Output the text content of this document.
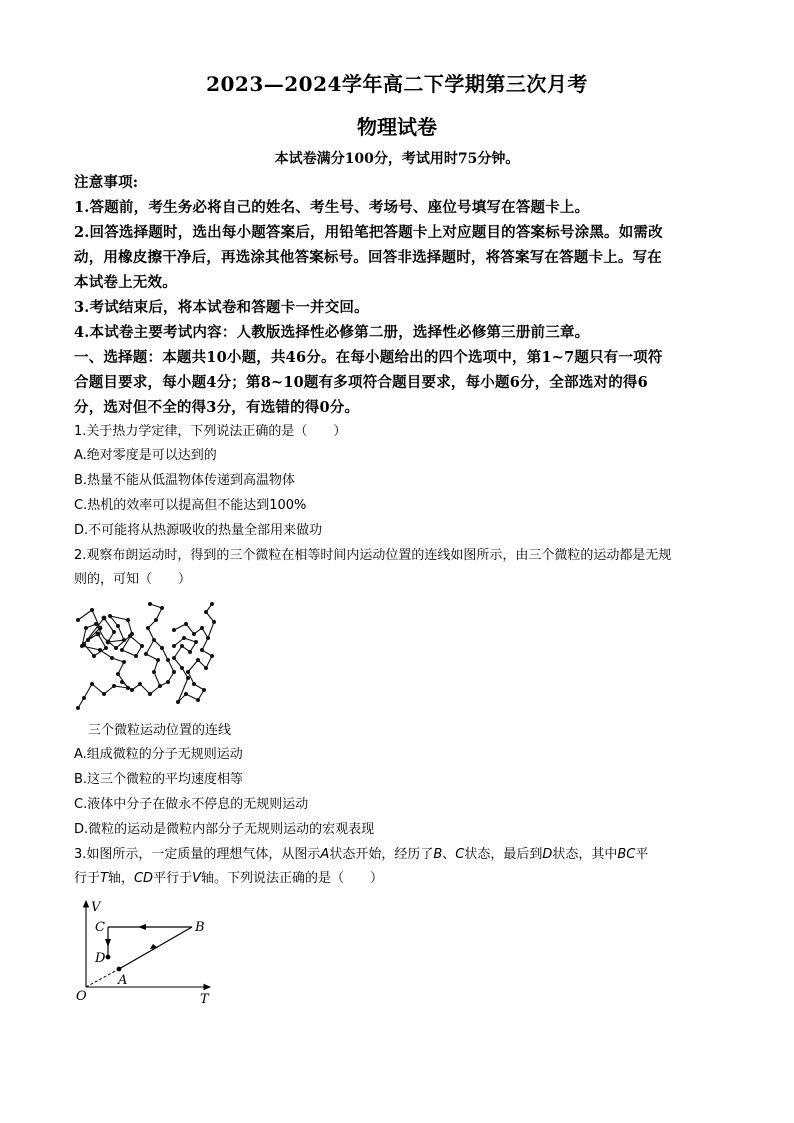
2023—2024学年高二下学期第三次月考
物理试卷
本试卷满分100分，考试用时75分钟。
注意事项:
1.答题前，考生务必将自己的姓名、考生号、考场号、座位号填写在答题卡上。
2.回答选择题时，选出每小题答案后，用铅笔把答题卡上对应题目的答案标号涂黑。如需改
动，用橡皮擦干净后，再选涂其他答案标号。回答非选择题时，将答案写在答题卡上。写在
本试卷上无效。
3.考试结束后，将本试卷和答题卡一并交回。
4.本试卷主要考试内容：人教版选择性必修第二册，选择性必修第三册前三章。
一、选择题：本题共10小题，共46分。在每小题给出的四个选项中，第1~7题只有一项符
合题目要求，每小题4分；第8~10题有多项符合题目要求，每小题6分，全部选对的得6
分，选对但不全的得3分，有选错的得0分。
1.关于热力学定律，下列说法正确的是（　　）
A.绝对零度是可以达到的
B.热量不能从低温物体传递到高温物体
C.热机的效率可以提高但不能达到100%
D.不可能将从热源吸收的热量全部用来做功
2.观察布朗运动时，得到的三个微粒在相等时间内运动位置的连线如图所示，由三个微粒的运动都是无规
则的，可知（　　）
三个微粒运动位置的连线
A.组成微粒的分子无规则运动
B.这三个微粒的平均速度相等
C.液体中分子在做永不停息的无规则运动
D.微粒的运动是微粒内部分子无规则运动的宏观表现
3.如图所示，一定质量的理想气体，从图示A状态开始，经历了B、C状态，最后到D状态，其中BC平
行于T轴，CD平行于V轴。下列说法正确的是（　　）
V
T
O
A
B
C
D
